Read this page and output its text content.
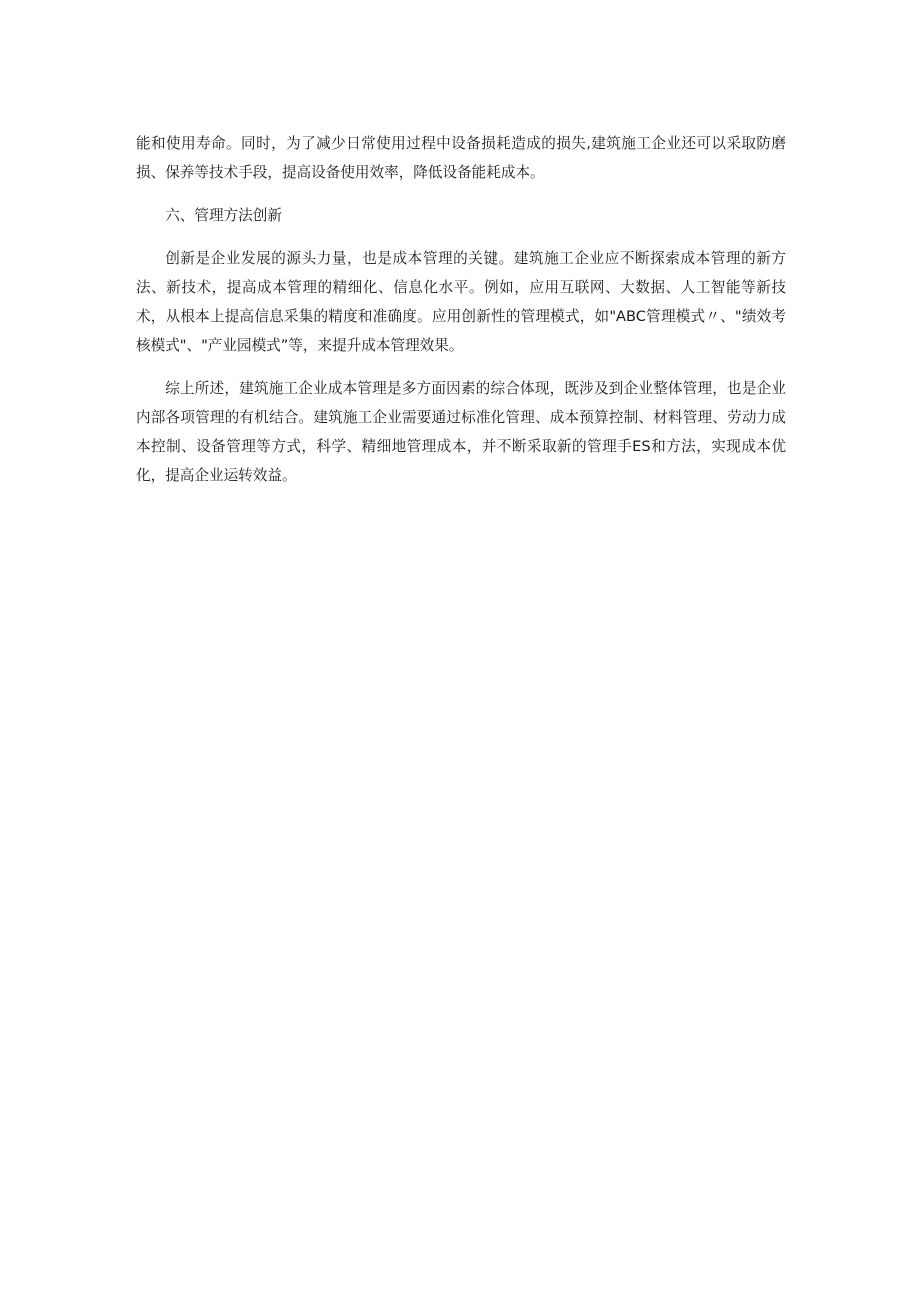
能和使用寿命。同时，为了减少日常使用过程中设备损耗造成的损失,建筑施工企业还可以采取防磨损、保养等技术手段，提高设备使用效率，降低设备能耗成本。

六、管理方法创新

创新是企业发展的源头力量，也是成本管理的关键。建筑施工企业应不断探索成本管理的新方法、新技术，提高成本管理的精细化、信息化水平。例如，应用互联网、大数据、人工智能等新技术，从根本上提高信息采集的精度和准确度。应用创新性的管理模式，如"ABC管理模式〃、"绩效考核模式"、"产业园模式”等，来提升成本管理效果。

综上所述，建筑施工企业成本管理是多方面因素的综合体现，既涉及到企业整体管理，也是企业内部各项管理的有机结合。建筑施工企业需要通过标准化管理、成本预算控制、材料管理、劳动力成本控制、设备管理等方式，科学、精细地管理成本，并不断采取新的管理手ES和方法，实现成本优化，提高企业运转效益。
